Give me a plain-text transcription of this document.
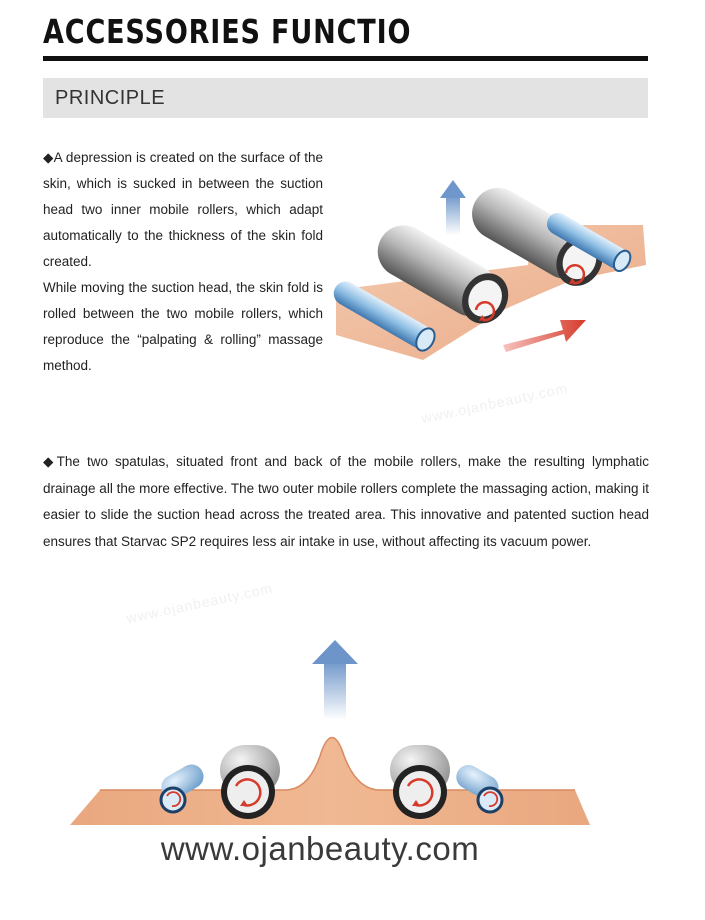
ACCESSORIES FUNCTIO
PRINCIPLE

◆A depression is created on the surface of the skin, which is sucked in between the suction head two inner mobile rollers, which adapt automatically to the thickness of the skin fold created.

While moving the suction head, the skin fold is rolled between the two mobile rollers, which reproduce the “palpating & rolling” massage method.

◆The two spatulas, situated front and back of the mobile rollers, make the resulting lymphatic drainage all the more effective. The two outer mobile rollers complete the massaging action, making it easier to slide the suction head across the treated area. This innovative and patented suction head ensures that Starvac SP2 requires less air intake in use, without affecting its vacuum power.

www.ojanbeauty.com
www.ojanbeauty.com
www.ojanbeauty.com
